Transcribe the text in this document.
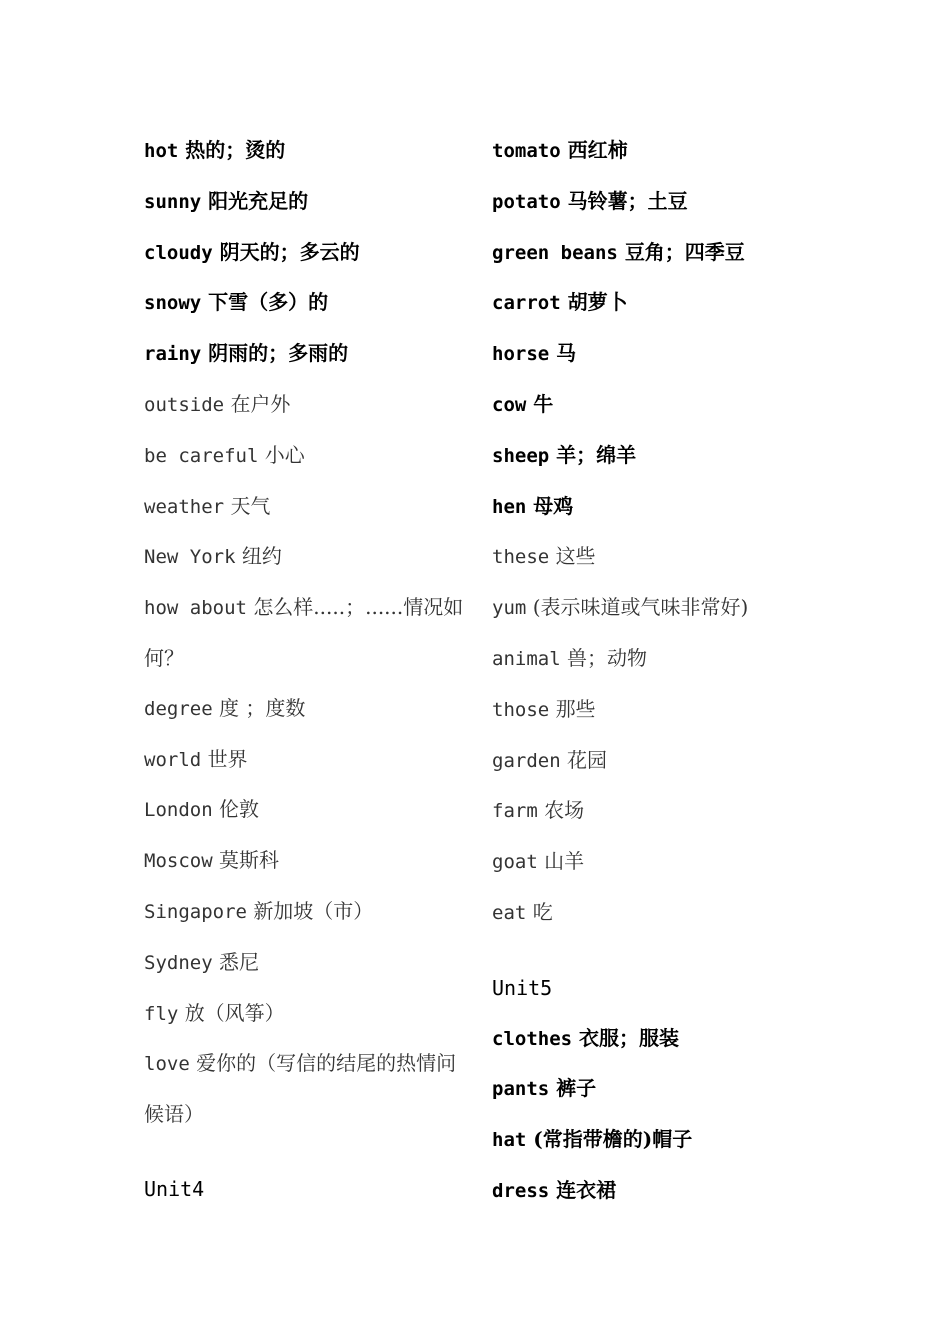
hot 热的；烫的
sunny 阳光充足的
cloudy 阴天的；多云的
snowy 下雪（多）的
rainy 阴雨的；多雨的
outside 在户外
be careful 小心
weather 天气
New York 纽约
how about 怎么样.....；......情况如何？
degree 度 ；度数
world 世界
London 伦敦
Moscow 莫斯科
Singapore 新加坡（市）
Sydney 悉尼
fly 放（风筝）
love 爱你的（写信的结尾的热情问候语）
Unit4
tomato 西红柿
potato 马铃薯；土豆
green beans 豆角；四季豆
carrot 胡萝卜
horse 马
cow 牛
sheep 羊；绵羊
hen 母鸡
these 这些
yum (表示味道或气味非常好)
animal 兽；动物
those 那些
garden 花园
farm 农场
goat 山羊
eat 吃
Unit5
clothes 衣服；服装
pants 裤子
hat (常指带檐的)帽子
dress 连衣裙
